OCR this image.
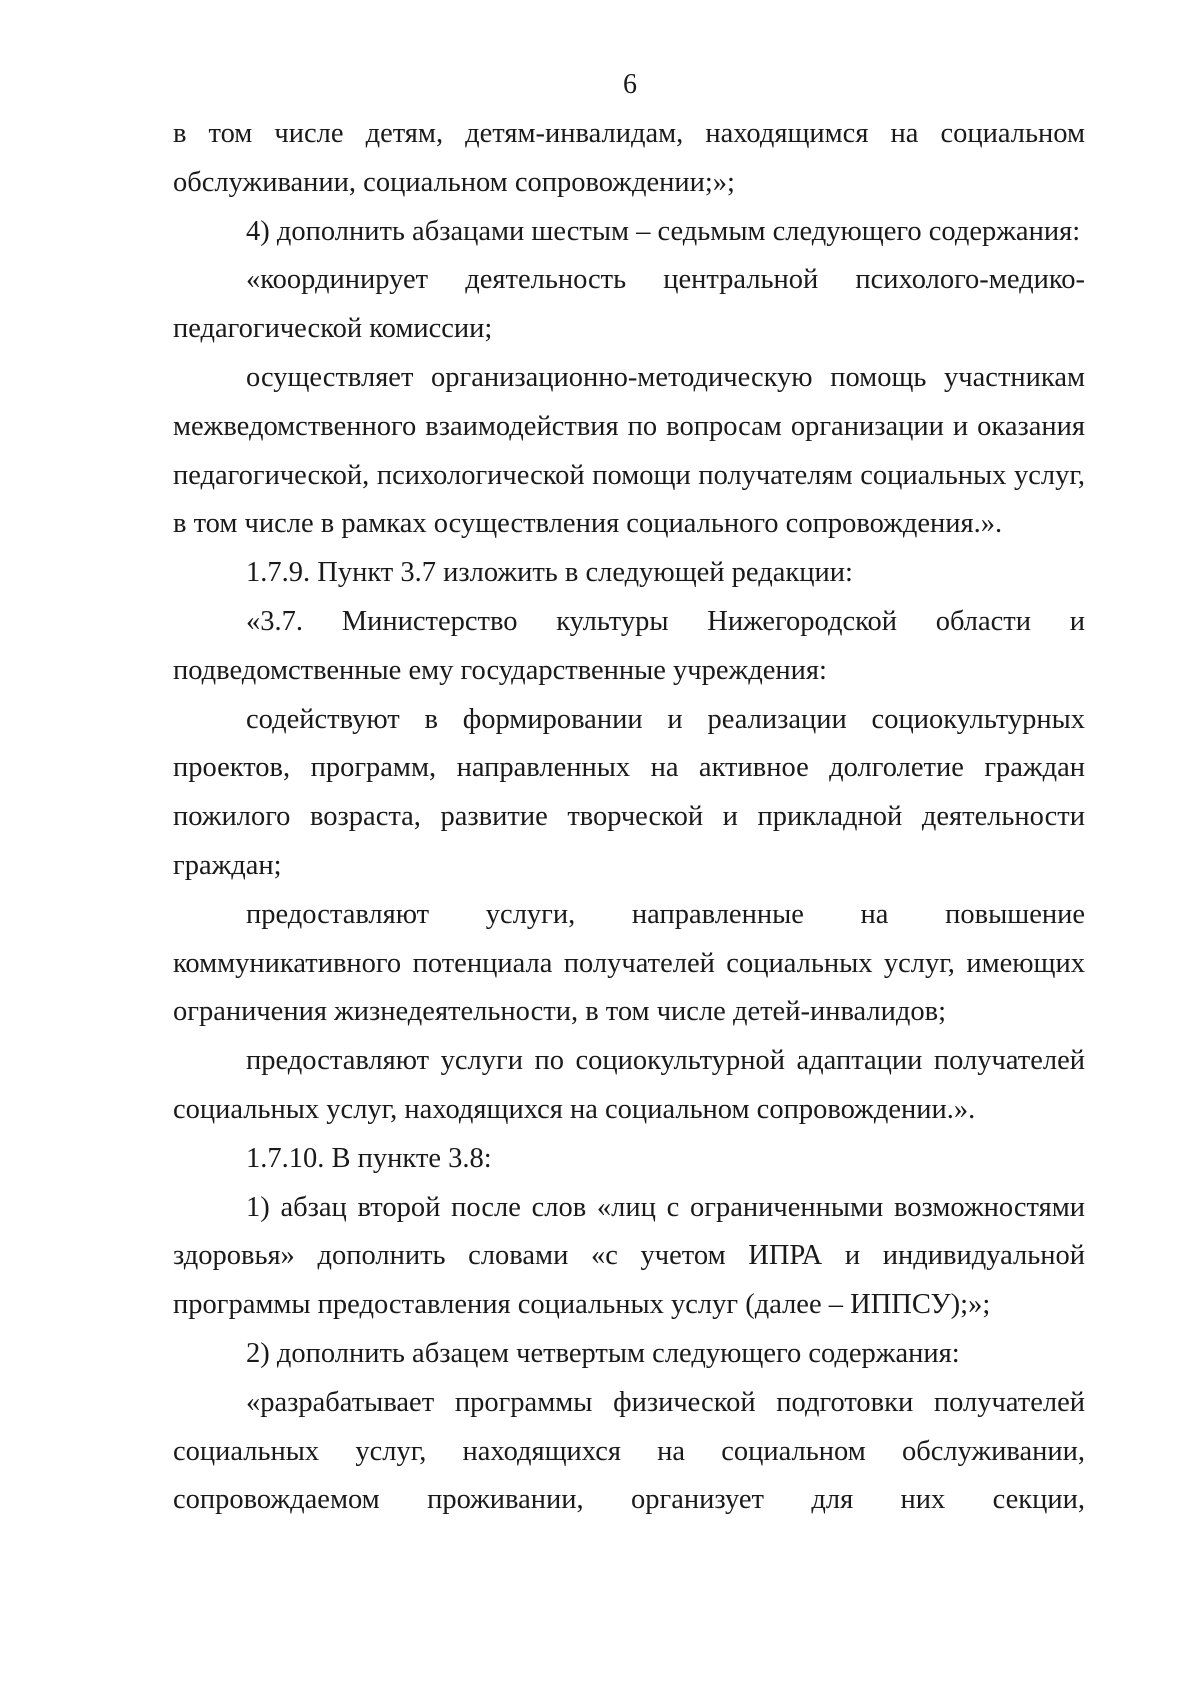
6

в том числе детям, детям-инвалидам, находящимся на социальном обслуживании, социальном сопровождении;»;

4) дополнить абзацами шестым – седьмым следующего содержания:

«координирует деятельность центральной психолого-медико-педагогической комиссии;

осуществляет организационно-методическую помощь участникам межведомственного взаимодействия по вопросам организации и оказания педагогической, психологической помощи получателям социальных услуг, в том числе в рамках осуществления социального сопровождения.».

1.7.9. Пункт 3.7 изложить в следующей редакции:

«3.7. Министерство культуры Нижегородской области и подведомственные ему государственные учреждения:

содействуют в формировании и реализации социокультурных проектов, программ, направленных на активное долголетие граждан пожилого возраста, развитие творческой и прикладной деятельности граждан;

предоставляют услуги, направленные на повышение коммуникативного потенциала получателей социальных услуг, имеющих ограничения жизнедеятельности, в том числе детей-инвалидов;

предоставляют услуги по социокультурной адаптации получателей социальных услуг, находящихся на социальном сопровождении.».

1.7.10. В пункте 3.8:

1) абзац второй после слов «лиц с ограниченными возможностями здоровья» дополнить словами «с учетом ИПРА и индивидуальной программы предоставления социальных услуг (далее – ИППСУ);»;

2) дополнить абзацем четвертым следующего содержания:

«разрабатывает программы физической подготовки получателей социальных услуг, находящихся на социальном обслуживании, сопровождаемом проживании, организует для них секции,
